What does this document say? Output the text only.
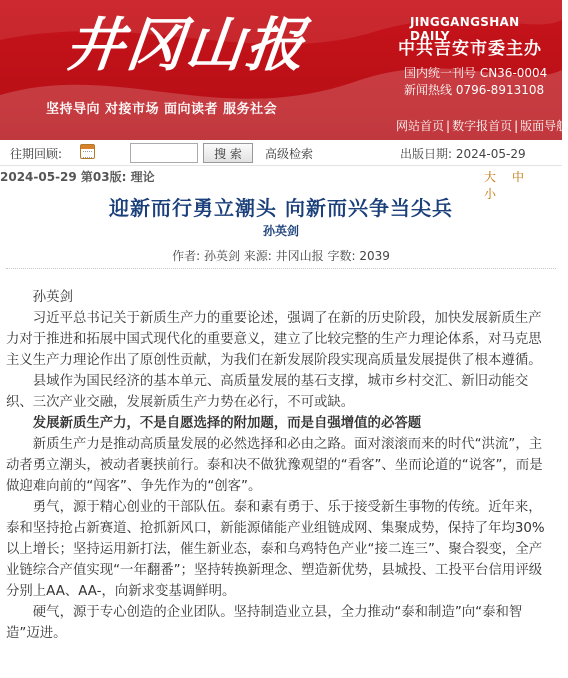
井冈山报
坚持导向 对接市场 面向读者 服务社会
JINGGANGSHAN DAILY
中共吉安市委主办
国内统一刊号 CN36-0004
新闻热线 0796-8913108
网站首页 | 数字报首页 | 版面导航
往期回顾:	搜 索	高级检索	出版日期: 2024-05-29
2024-05-29 第03版: 理论	大 中小
迎新而行勇立潮头 向新而兴争当尖兵
孙英剑
作者: 孙英剑 来源: 井冈山报 字数: 2039

孙英剑

习近平总书记关于新质生产力的重要论述，强调了在新的历史阶段，加快发展新质生产力对于推进和拓展中国式现代化的重要意义，建立了比较完整的生产力理论体系，对马克思主义生产力理论作出了原创性贡献，为我们在新发展阶段实现高质量发展提供了根本遵循。

县域作为国民经济的基本单元、高质量发展的基石支撑，城市乡村交汇、新旧动能交织、三次产业交融，发展新质生产力势在必行，不可或缺。

发展新质生产力，不是自愿选择的附加题，而是自强增值的必答题

新质生产力是推动高质量发展的必然选择和必由之路。面对滚滚而来的时代“洪流”，主动者勇立潮头，被动者裹挟前行。泰和决不做犹豫观望的“看客”、坐而论道的“说客”，而是做迎难向前的“闯客”、争先作为的“创客”。

勇气，源于精心创业的干部队伍。泰和素有勇于、乐于接受新生事物的传统。近年来，泰和坚持抢占新赛道、抢抓新风口，新能源储能产业组链成网、集聚成势，保持了年均30%以上增长；坚持运用新打法，催生新业态，泰和乌鸡特色产业“接二连三”、聚合裂变，全产业链综合产值实现“一年翻番”；坚持转换新理念、塑造新优势，县城投、工投平台信用评级分别上AA、AA-，向新求变基调鲜明。

硬气，源于专心创造的企业团队。坚持制造业立县，全力推动“泰和制造”向“泰和智造”迈进。
